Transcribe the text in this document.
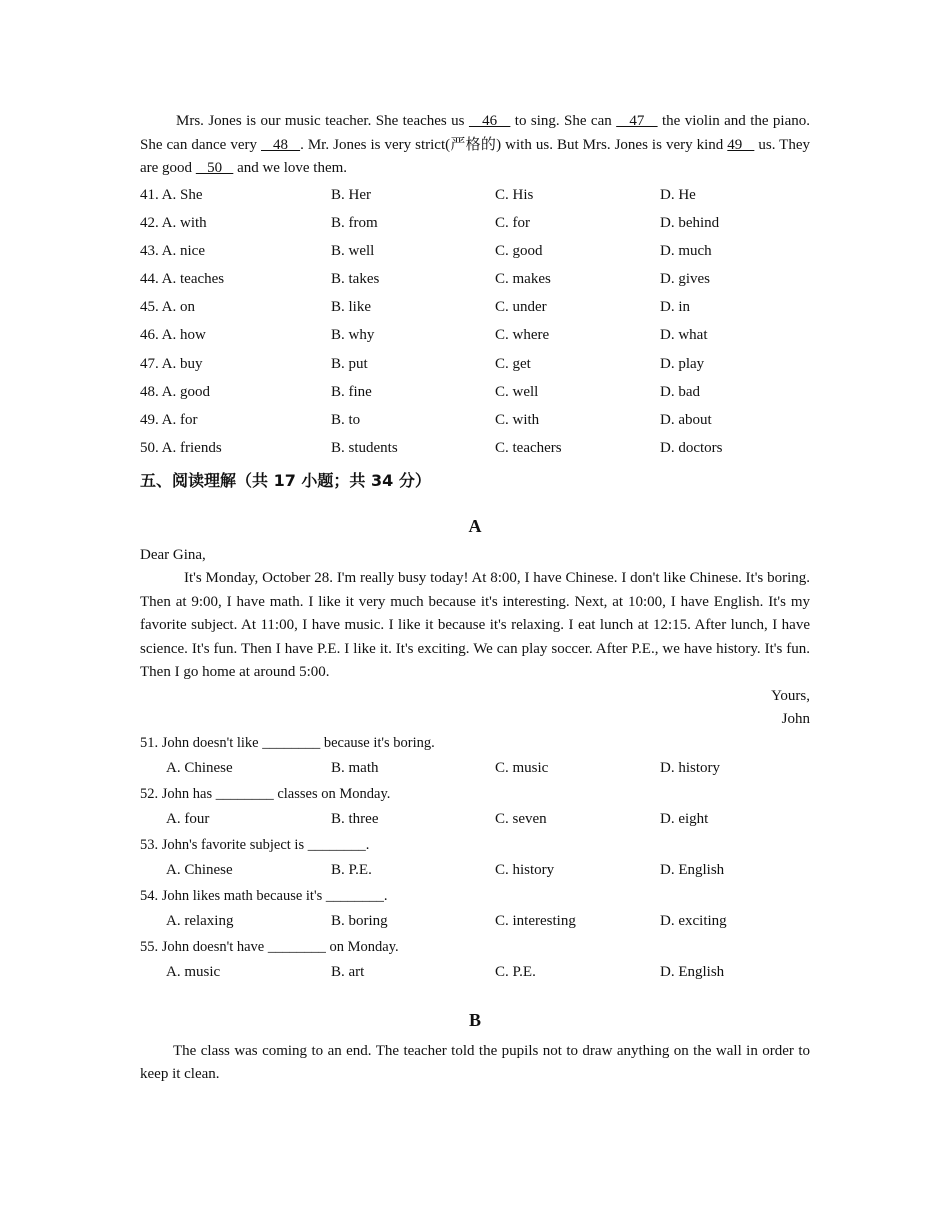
Mrs. Jones is our music teacher. She teaches us    46    to sing. She can    47    the violin and the piano. She can dance very    48   . Mr. Jones is very strict(严格的) with us. But Mrs. Jones is very kind 49    us. They are good    50    and we love them.

41. A. She	B. Her	C. His	D. He
42. A. with	B. from	C. for	D. behind
43. A. nice	B. well	C. good	D. much
44. A. teaches	B. takes	C. makes	D. gives
45. A. on	B. like	C. under	D. in
46. A. how	B. why	C. where	D. what
47. A. buy	B. put	C. get	D. play
48. A. good	B. fine	C. well	D. bad
49. A. for	B. to	C. with	D. about
50. A. friends	B. students	C. teachers	D. doctors
五、阅读理解（共 17 小题；共 34 分）
A
Dear Gina,

It's Monday, October 28. I'm really busy today! At 8:00, I have Chinese. I don't like Chinese. It's boring. Then at 9:00, I have math. I like it very much because it's interesting. Next, at 10:00, I have English. It's my favorite subject. At 11:00, I have music. I like it because it's relaxing. I eat lunch at 12:15. After lunch, I have science. It's fun. Then I have P.E. I like it. It's exciting. We can play soccer. After P.E., we have history. It's fun. Then I go home at around 5:00.

Yours,
John
51. John doesn't like ________ because it's boring.
A. Chinese	B. math	C. music	D. history
52. John has ________ classes on Monday.
A. four	B. three	C. seven	D. eight
53. John's favorite subject is ________.
A. Chinese	B. P.E.	C. history	D. English
54. John likes math because it's ________.
A. relaxing	B. boring	C. interesting	D. exciting
55. John doesn't have ________ on Monday.
A. music	B. art	C. P.E.	D. English
B

The class was coming to an end. The teacher told the pupils not to draw anything on the wall in order to keep it clean.
